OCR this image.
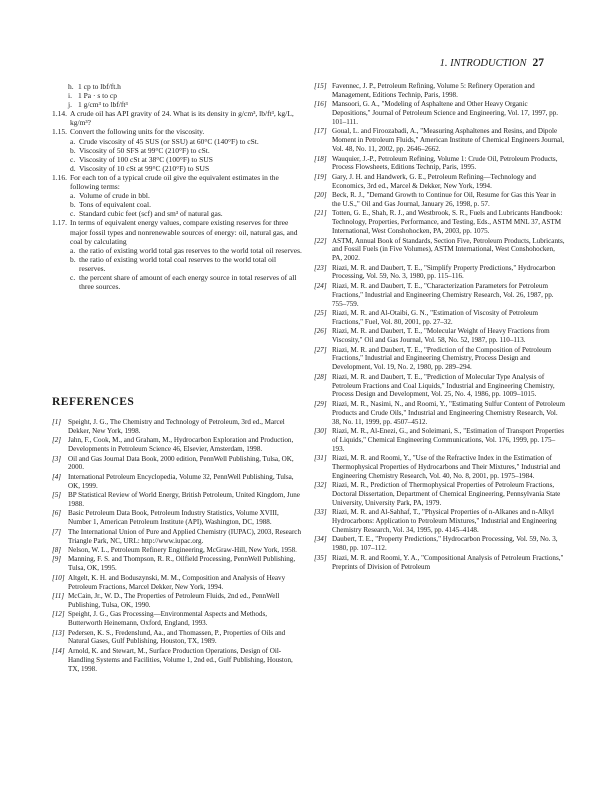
1. INTRODUCTION 27
h. 1 cp to lbf/ft.h
i. 1 Pa · s to cp
j. 1 g/cm³ to lbf/ft³
1.14. A crude oil has API gravity of 24. What is its density in g/cm³, lb/ft³, kg/L, kg/m³?
1.15. Convert the following units for the viscosity.
a. Crude viscosity of 45 SUS (or SSU) at 60°C (140°F) to cSt.
b. Viscosity of 50 SFS at 99°C (210°F) to cSt.
c. Viscosity of 100 cSt at 38°C (100°F) to SUS
d. Viscosity of 10 cSt at 99°C (210°F) to SUS
1.16. For each ton of a typical crude oil give the equivalent estimates in the following terms:
a. Volume of crude in bbl.
b. Tons of equivalent coal.
c. Standard cubic feet (scf) and sm³ of natural gas.
1.17. In terms of equivalent energy values, compare existing reserves for three major fossil types and nonrenewable sources of energy: oil, natural gas, and coal by calculating
a. the ratio of existing world total gas reserves to the world total oil reserves.
b. the ratio of existing world total coal reserves to the world total oil reserves.
c. the percent share of amount of each energy source in total reserves of all three sources.
REFERENCES
[1] Speight, J. G., The Chemistry and Technology of Petroleum, 3rd ed., Marcel Dekker, New York, 1998.
[2] Jahn, F., Cook, M., and Graham, M., Hydrocarbon Exploration and Production, Developments in Petroleum Science 46, Elsevier, Amsterdam, 1998.
[3] Oil and Gas Journal Data Book, 2000 edition, PennWell Publishing, Tulsa, OK, 2000.
[4] International Petroleum Encyclopedia, Volume 32, PennWell Publishing, Tulsa, OK, 1999.
[5] BP Statistical Review of World Energy, British Petroleum, United Kingdom, June 1988.
[6] Basic Petroleum Data Book, Petroleum Industry Statistics, Volume XVIII, Number 1, American Petroleum Institute (API), Washington, DC, 1988.
[7] The International Union of Pure and Applied Chemistry (IUPAC), 2003, Research Triangle Park, NC, URL: http://www.iupac.org.
[8] Nelson, W. L., Petroleum Refinery Engineering, McGraw-Hill, New York, 1958.
[9] Manning, F. S. and Thompson, R. R., Oilfield Processing, PennWell Publishing, Tulsa, OK, 1995.
[10] Altgelt, K. H. and Boduszynski, M. M., Composition and Analysis of Heavy Petroleum Fractions, Marcel Dekker, New York, 1994.
[11] McCain, Jr., W. D., The Properties of Petroleum Fluids, 2nd ed., PennWell Publishing, Tulsa, OK, 1990.
[12] Speight, J. G., Gas Processing—Environmental Aspects and Methods, Butterworth Heinemann, Oxford, England, 1993.
[13] Pedersen, K. S., Fredenslund, Aa., and Thomassen, P., Properties of Oils and Natural Gases, Gulf Publishing, Houston, TX, 1989.
[14] Arnold, K. and Stewart, M., Surface Production Operations, Design of Oil-Handling Systems and Facilities, Volume 1, 2nd ed., Gulf Publishing, Houston, TX, 1998.
[15] Favennec, J. P., Petroleum Refining, Volume 5: Refinery Operation and Management, Editions Technip, Paris, 1998.
[16] Mansoori, G. A., "Modeling of Asphaltene and Other Heavy Organic Depositions," Journal of Petroleum Science and Engineering, Vol. 17, 1997, pp. 101–111.
[17] Goual, L. and Firoozabadi, A., "Measuring Asphaltenes and Resins, and Dipole Moment in Petroleum Fluids," American Institute of Chemical Engineers Journal, Vol. 48, No. 11, 2002, pp. 2646–2662.
[18] Wauquier, J.-P., Petroleum Refining, Volume 1: Crude Oil, Petroleum Products, Process Flowsheets, Editions Technip, Paris, 1995.
[19] Gary, J. H. and Handwerk, G. E., Petroleum Refining—Technology and Economics, 3rd ed., Marcel & Dekker, New York, 1994.
[20] Beck, R. J., "Demand Growth to Continue for Oil, Resume for Gas this Year in the U.S.," Oil and Gas Journal, January 26, 1998, p. 57.
[21] Totten, G. E., Shah, R. J., and Westbrook, S. R., Fuels and Lubricants Handbook: Technology, Properties, Performance, and Testing, Eds., ASTM MNL 37, ASTM International, West Conshohocken, PA, 2003, pp. 1075.
[22] ASTM, Annual Book of Standards, Section Five, Petroleum Products, Lubricants, and Fossil Fuels (in Five Volumes), ASTM International, West Conshohocken, PA, 2002.
[23] Riazi, M. R. and Daubert, T. E., "Simplify Property Predictions," Hydrocarbon Processing, Vol. 59, No. 3, 1980, pp. 115–116.
[24] Riazi, M. R. and Daubert, T. E., "Characterization Parameters for Petroleum Fractions," Industrial and Engineering Chemistry Research, Vol. 26, 1987, pp. 755–759.
[25] Riazi, M. R. and Al-Otaibi, G. N., "Estimation of Viscosity of Petroleum Fractions," Fuel, Vol. 80, 2001, pp. 27–32.
[26] Riazi, M. R. and Daubert, T. E., "Molecular Weight of Heavy Fractions from Viscosity," Oil and Gas Journal, Vol. 58, No. 52, 1987, pp. 110–113.
[27] Riazi, M. R. and Daubert, T. E., "Prediction of the Composition of Petroleum Fractions," Industrial and Engineering Chemistry, Process Design and Development, Vol. 19, No. 2, 1980, pp. 289–294.
[28] Riazi, M. R. and Daubert, T. E., "Prediction of Molecular Type Analysis of Petroleum Fractions and Coal Liquids," Industrial and Engineering Chemistry, Process Design and Development, Vol. 25, No. 4, 1986, pp. 1009–1015.
[29] Riazi, M. R., Nasimi, N., and Roomi, Y., "Estimating Sulfur Content of Petroleum Products and Crude Oils," Industrial and Engineering Chemistry Research, Vol. 38, No. 11, 1999, pp. 4507–4512.
[30] Riazi, M. R., Al-Enezi, G., and Soleimani, S., "Estimation of Transport Properties of Liquids," Chemical Engineering Communications, Vol. 176, 1999, pp. 175–193.
[31] Riazi, M. R. and Roomi, Y., "Use of the Refractive Index in the Estimation of Thermophysical Properties of Hydrocarbons and Their Mixtures," Industrial and Engineering Chemistry Research, Vol. 40, No. 8, 2001, pp. 1975–1984.
[32] Riazi, M. R., Prediction of Thermophysical Properties of Petroleum Fractions, Doctoral Dissertation, Department of Chemical Engineering, Pennsylvania State University, University Park, PA, 1979.
[33] Riazi, M. R. and Al-Sahhaf, T., "Physical Properties of n-Alkanes and n-Alkyl Hydrocarbons: Application to Petroleum Mixtures," Industrial and Engineering Chemistry Research, Vol. 34, 1995, pp. 4145–4148.
[34] Daubert, T. E., "Property Predictions," Hydrocarbon Processing, Vol. 59, No. 3, 1980, pp. 107–112.
[35] Riazi, M. R. and Roomi, Y. A., "Compositional Analysis of Petroleum Fractions," Preprints of Division of Petroleum
